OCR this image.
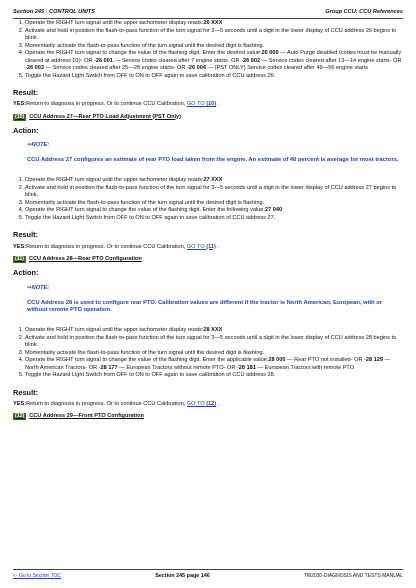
Section 245 - CONTROL UNITS	Group CCU: CCU References
1. Operate the RIGHT turn signal until the upper tachometer display reads:26 XXX
2. Activate and hold in position the flash-to-pass function of the turn signal for 3—5 seconds until a digit in the lower display of CCU address 26 begins to blink.
3. Momentarily activate the flash-to-pass function of the turn signal until the desired digit is flashing.
4. Operate the RIGHT turn signal to change the value of the flashing digit. Enter the desired value:26 000 — Auto Purge disabled (codes must be manually cleared at address 01)- OR -26 001 — Service codes cleared after 7 engine starts- OR -26 002 — Service codes cleared after 13—14 engine starts- OR -26 003 — Service codes cleared after 25—28 engine starts- OR -26 004 — (PST ONLY) Service codes cleared after 49—56 engine starts
5. Toggle the Hazard Light Switch from OFF to ON to OFF again to save calibration of CCU address 26.
Result:
YES:Return to diagnosis in progress. Or to continue CCU Calibration, GO TO (10) .
(10) CCU Address 27—Rear PTO Load Adjustment (PST Only)
Action:
⇒NOTE:
CCU Address 27 configures an estimate of rear PTO load taken from the engine. An estimate of 40 percent is average for most tractors.
1. Operate the RIGHT turn signal until the upper tachometer display reads:27 XXX
2. Activate and hold in position the flash-to-pass function of the turn signal for 3—5 seconds until a digit in the lower display of CCU address 27 begins to blink.
3. Momentarily activate the flash-to-pass function of the turn signal until the desired digit is flashing.
4. Operate the RIGHT turn signal to change the value of the flashing digit. Enter the following value:27 040
5. Toggle the Hazard Light Switch from OFF to ON to OFF again to save calibration of CCU address 27.
Result:
YES:Return to diagnosis in progress. Or to continue CCU Calibration, GO TO (11) .
(11) CCU Address 28—Rear PTO Configuration
Action:
⇒NOTE:
CCU Address 28 is used to configure rear PTO. Calibration values are different if the tractor is North American, European, with or without remote PTO operation.
1. Operate the RIGHT turn signal until the upper tachometer display reads:28 XXX
2. Activate and hold in position the flash-to-pass function of the turn signal for 3—5 seconds until a digit in the lower display of CCU address 28 begins to blink.
3. Momentarily activate the flash-to-pass function of the turn signal until the desired digit is flashing.
4. Operate the RIGHT turn signal to change the value of the flashing digit. Enter the applicable value:28 000 — Rear PTO not installed- OR -28 129 — North American Tractors- OR -28 177 — European Tractors without remote PTO- OR -28 181 — European Tractors with remote PTO
5. Toggle the Hazard Light Switch from OFF to ON to OFF again to save calibration of CCU address 28.
Result:
YES:Return to diagnosis in progress. Or to continue CCU Calibration, GO TO (12) .
(12) CCU Address 29—Front PTO Configuration
<- Go to Section TOC	Section 245 page 146	TM2030-DIAGNOSIS AND TESTS MANUAL
